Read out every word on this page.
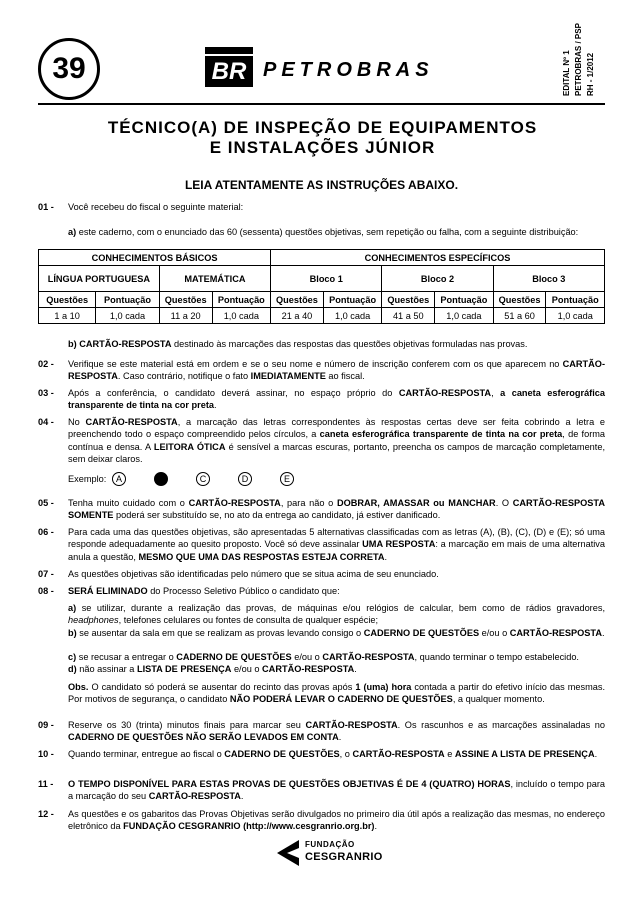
39	BR PETROBRAS	EDITAL Nº 1 PETROBRAS / PSP RH - 1/2012
TÉCNICO(A) DE INSPEÇÃO DE EQUIPAMENTOS
E INSTALAÇÕES JÚNIOR
LEIA ATENTAMENTE AS INSTRUÇÕES ABAIXO.
01 -	Você recebeu do fiscal o seguinte material:
a) este caderno, com o enunciado das 60 (sessenta) questões objetivas, sem repetição ou falha, com a seguinte distribuição:
CONHECIMENTOS BÁSICOS				CONHECIMENTOS ESPECÍFICOS					
LÍNGUA PORTUGUESA		MATEMÁTICA		Bloco 1		Bloco 2		Bloco 3	
Questões	Pontuação	Questões	Pontuação	Questões	Pontuação	Questões	Pontuação	Questões	Pontuação
1 a 10	1,0 cada	11 a 20	1,0 cada	21 a 40	1,0 cada	41 a 50	1,0 cada	51 a 60	1,0 cada
b) CARTÃO-RESPOSTA destinado às marcações das respostas das questões objetivas formuladas nas provas.
02 -	Verifique se este material está em ordem e se o seu nome e número de inscrição conferem com os que aparecem no CARTÃO-RESPOSTA. Caso contrário, notifique o fato IMEDIATAMENTE ao fiscal.
03 -	Após a conferência, o candidato deverá assinar, no espaço próprio do CARTÃO-RESPOSTA, a caneta esferográfica transparente de tinta na cor preta.
04 -	No CARTÃO-RESPOSTA, a marcação das letras correspondentes às respostas certas deve ser feita cobrindo a letra e preenchendo todo o espaço compreendido pelos círculos, a caneta esferográfica transparente de tinta na cor preta, de forma contínua e densa. A LEITORA ÓTICA é sensível a marcas escuras, portanto, preencha os campos de marcação completamente, sem deixar claros.
Exemplo:	A	C	D	E
05 -	Tenha muito cuidado com o CARTÃO-RESPOSTA, para não o DOBRAR, AMASSAR ou MANCHAR. O CARTÃO-RESPOSTA SOMENTE poderá ser substituído se, no ato da entrega ao candidato, já estiver danificado.
06 -	Para cada uma das questões objetivas, são apresentadas 5 alternativas classificadas com as letras (A), (B), (C), (D) e (E); só uma responde adequadamente ao quesito proposto. Você só deve assinalar UMA RESPOSTA: a marcação em mais de uma alternativa anula a questão, MESMO QUE UMA DAS RESPOSTAS ESTEJA CORRETA.
07 -	As questões objetivas são identificadas pelo número que se situa acima de seu enunciado.
08 -	SERÁ ELIMINADO do Processo Seletivo Público o candidato que:
a) se utilizar, durante a realização das provas, de máquinas e/ou relógios de calcular, bem como de rádios gravadores, headphones, telefones celulares ou fontes de consulta de qualquer espécie;
b) se ausentar da sala em que se realizam as provas levando consigo o CADERNO DE QUESTÕES e/ou o CARTÃO-RESPOSTA.
c) se recusar a entregar o CADERNO DE QUESTÕES e/ou o CARTÃO-RESPOSTA, quando terminar o tempo estabelecido.
d) não assinar a LISTA DE PRESENÇA e/ou o CARTÃO-RESPOSTA.
Obs. O candidato só poderá se ausentar do recinto das provas após 1 (uma) hora contada a partir do efetivo início das mesmas. Por motivos de segurança, o candidato NÃO PODERÁ LEVAR O CADERNO DE QUESTÕES, a qualquer momento.
09 -	Reserve os 30 (trinta) minutos finais para marcar seu CARTÃO-RESPOSTA. Os rascunhos e as marcações assinaladas no CADERNO DE QUESTÕES NÃO SERÃO LEVADOS EM CONTA.
10 -	Quando terminar, entregue ao fiscal o CADERNO DE QUESTÕES, o CARTÃO-RESPOSTA e ASSINE A LISTA DE PRESENÇA.
11 -	O TEMPO DISPONÍVEL PARA ESTAS PROVAS DE QUESTÕES OBJETIVAS É DE 4 (QUATRO) HORAS, incluído o tempo para a marcação do seu CARTÃO-RESPOSTA.
12 -	As questões e os gabaritos das Provas Objetivas serão divulgados no primeiro dia útil após a realização das mesmas, no endereço eletrônico da FUNDAÇÃO CESGRANRIO (http://www.cesgranrio.org.br).
FUNDAÇÃO
CESGRANRIO
